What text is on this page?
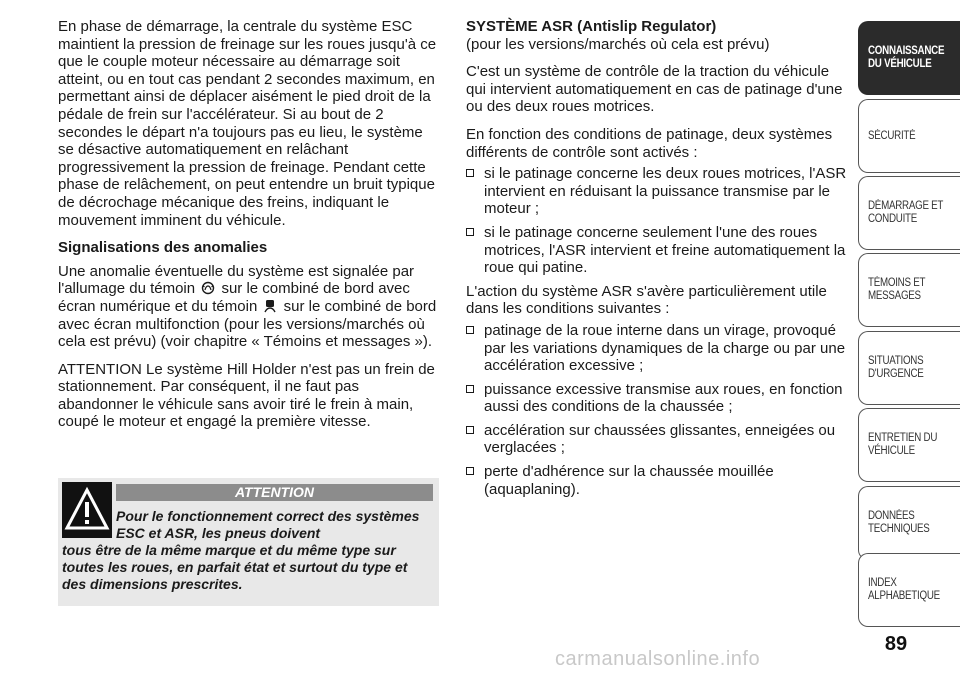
En phase de démarrage, la centrale du système ESC maintient la pression de freinage sur les roues jusqu'à ce que le couple moteur nécessaire au démarrage soit atteint, ou en tout cas pendant 2 secondes maximum, en permettant ainsi de déplacer aisément le pied droit de la pédale de frein sur l'accélérateur. Si au bout de 2 secondes le départ n'a toujours pas eu lieu, le système se désactive automatiquement en relâchant progressivement la pression de freinage. Pendant cette phase de relâchement, on peut entendre un bruit typique de décrochage mécanique des freins, indiquant le mouvement imminent du véhicule.

Signalisations des anomalies

Une anomalie éventuelle du système est signalée par l'allumage du témoin sur le combiné de bord avec écran numérique et du témoin sur le combiné de bord avec écran multifonction (pour les versions/marchés où cela est prévu) (voir chapitre « Témoins et messages »).

ATTENTION Le système Hill Holder n'est pas un frein de stationnement. Par conséquent, il ne faut pas abandonner le véhicule sans avoir tiré le frein à main, coupé le moteur et engagé la première vitesse.

ATTENTION
Pour le fonctionnement correct des systèmes ESC et ASR, les pneus doivent
tous être de la même marque et du même type sur toutes les roues, en parfait état et surtout du type et des dimensions prescrites.

SYSTÈME ASR (Antislip Regulator)

(pour les versions/marchés où cela est prévu)

C'est un système de contrôle de la traction du véhicule qui intervient automatiquement en cas de patinage d'une ou des deux roues motrices.

En fonction des conditions de patinage, deux systèmes différents de contrôle sont activés :

si le patinage concerne les deux roues motrices, l'ASR intervient en réduisant la puissance transmise par le moteur ;
si le patinage concerne seulement l'une des roues motrices, l'ASR intervient et freine automatiquement la roue qui patine.

L'action du système ASR s'avère particulièrement utile dans les conditions suivantes :

patinage de la roue interne dans un virage, provoqué par les variations dynamiques de la charge ou par une accélération excessive ;
puissance excessive transmise aux roues, en fonction aussi des conditions de la chaussée ;
accélération sur chaussées glissantes, enneigées ou verglacées ;
perte d'adhérence sur la chaussée mouillée (aquaplaning).
CONNAISSANCE
DU VÉHICULE
SÉCURITÉ
DÉMARRAGE ET
CONDUITE
TÉMOINS ET
MESSAGES
SITUATIONS
D'URGENCE
ENTRETIEN DU
VÉHICULE
DONNÉES
TECHNIQUES
INDEX
ALPHABETIQUE
89
carmanualsonline.info
